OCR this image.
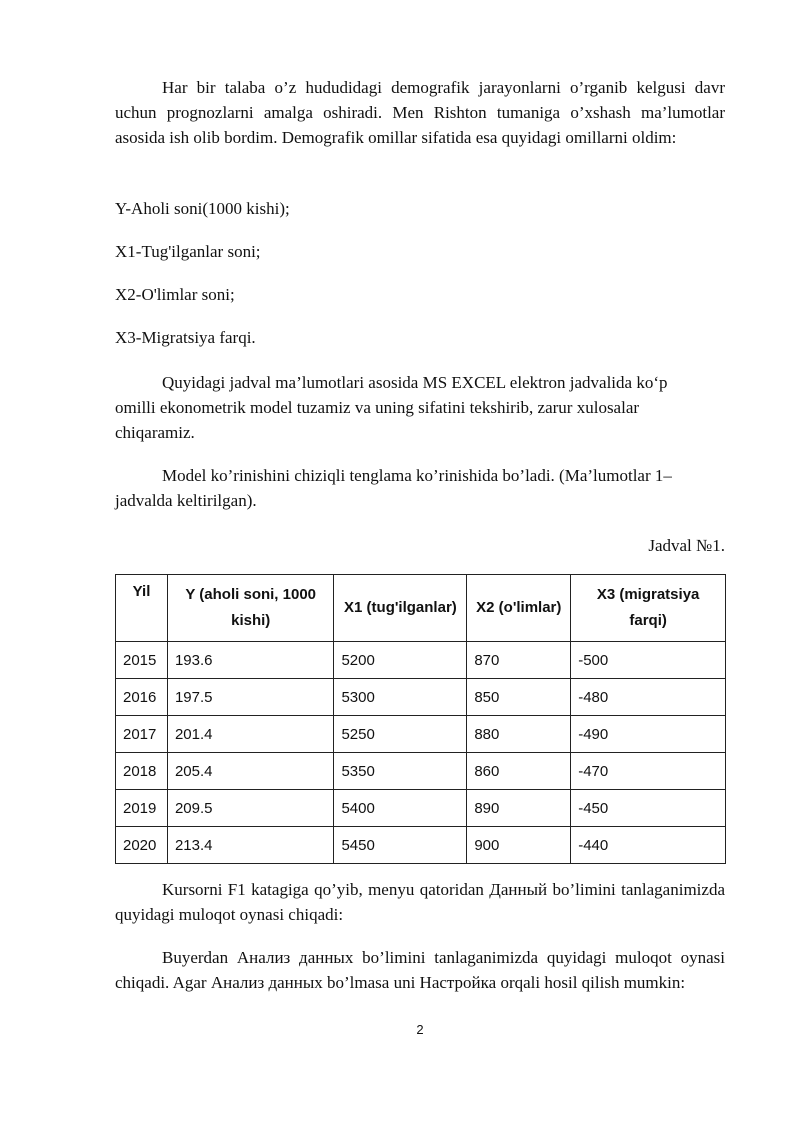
Har bir talaba o’z hududidagi demografik jarayonlarni o’rganib kelgusi davr uchun prognozlarni amalga oshiradi. Men Rishton tumaniga o’xshash ma’lumotlar asosida ish olib bordim. Demografik omillar sifatida esa quyidagi omillarni oldim:

Y-Aholi soni(1000 kishi);

X1-Tug'ilganlar soni;

X2-O'limlar soni;

X3-Migratsiya farqi.

Quyidagi jadval ma’lumotlari asosida MS EXCEL elektron jadvalida ko‘p omilli ekonometrik model tuzamiz va uning sifatini tekshirib, zarur xulosalar chiqaramiz.

Model ko’rinishini chiziqli tenglama ko’rinishida bo’ladi. (Ma’lumotlar 1– jadvalda keltirilgan).

Jadval №1.

Yil	Y (aholi soni, 1000 kishi)	X1 (tug'ilganlar)	X2 (o'limlar)	X3 (migratsiya farqi)
2015	193.6	5200	870	-500
2016	197.5	5300	850	-480
2017	201.4	5250	880	-490
2018	205.4	5350	860	-470
2019	209.5	5400	890	-450
2020	213.4	5450	900	-440

Kursorni F1 katagiga qo’yib, menyu qatoridan Данный bo’limini tanlaganimizda quyidagi muloqot oynasi chiqadi:

Buyerdan Анализ данных bo’limini tanlaganimizda quyidagi muloqot oynasi chiqadi. Agar Анализ данных bo’lmasa uni Настройка orqali hosil qilish mumkin:

2
